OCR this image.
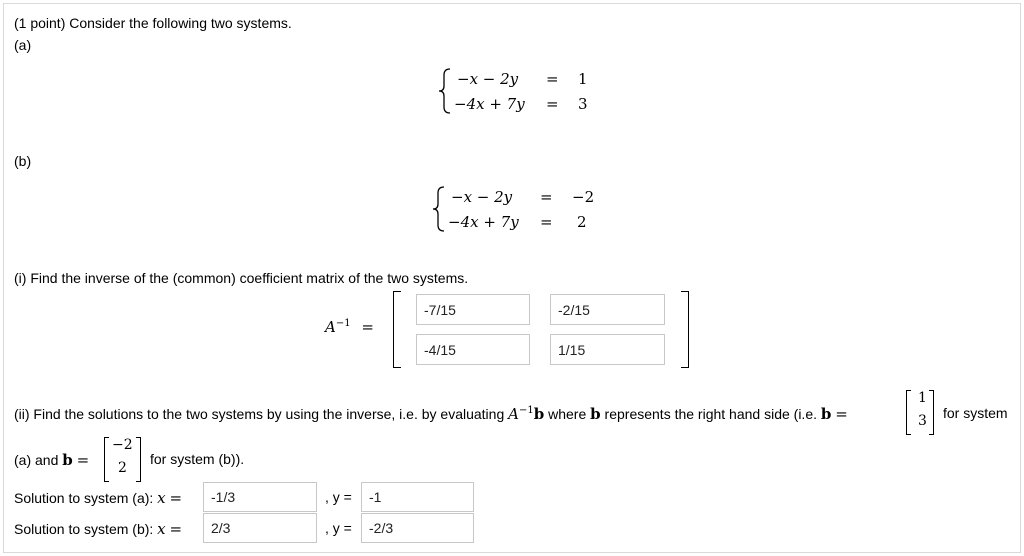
(1 point) Consider the following two systems.
(a)
−x − 2y = 1
−4x + 7y = 3
(b)
−x − 2y = −2
−4x + 7y = 2
(i) Find the inverse of the (common) coefficient matrix of the two systems.
$A^{-1}$ =
-7/15
-2/15
-4/15
1/15
(ii) Find the solutions to the two systems by using the inverse, i.e. by evaluating $A^{-1}b$ where b represents the right hand side (i.e. b =
1
3 for system
(a) and b =
−2
2
for system (b)).
Solution to system (a): x =
-1/3	, y =
-1
Solution to system (b): x =
2/3	, y =
-2/3
